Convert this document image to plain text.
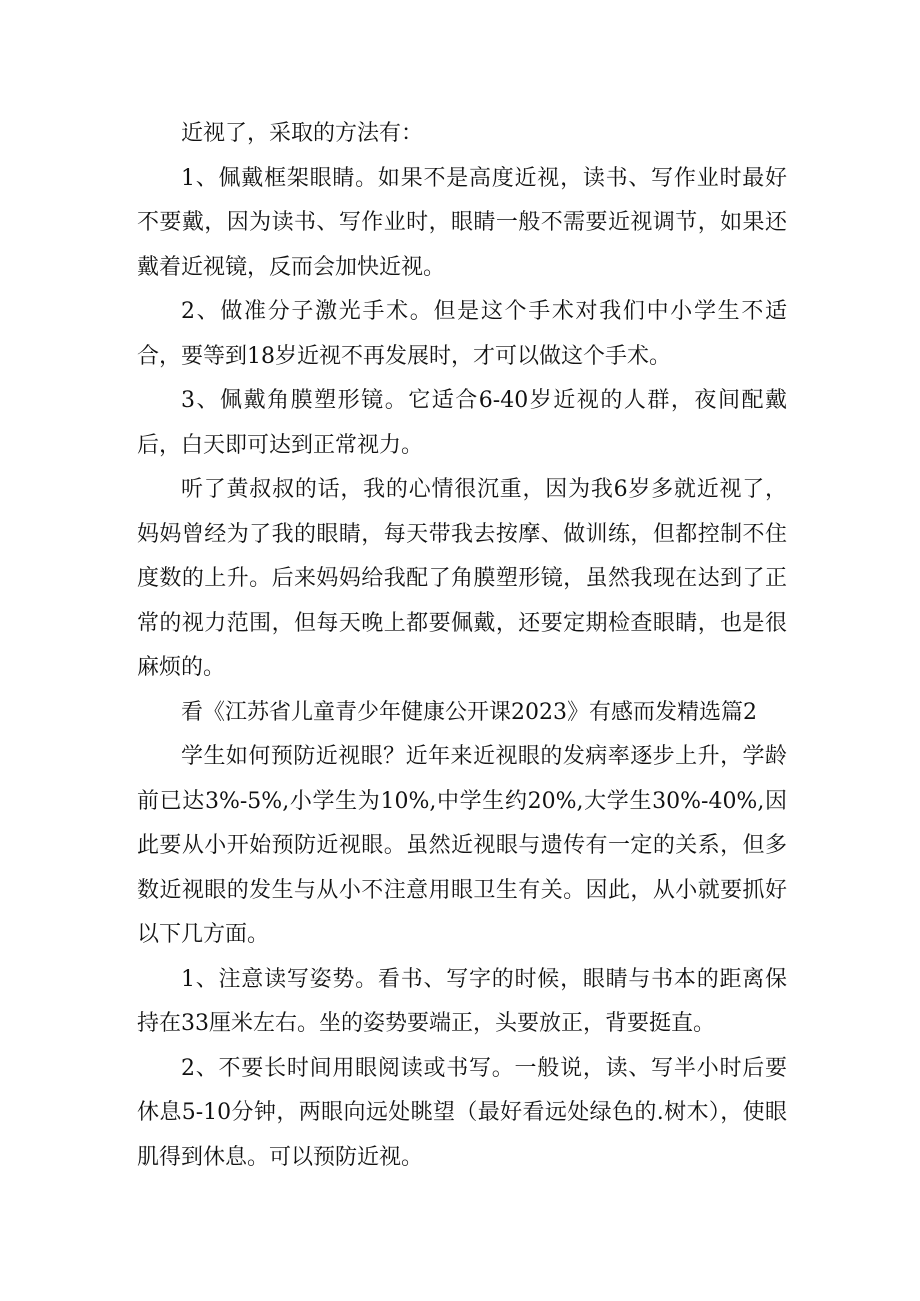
近视了，采取的方法有：

1、佩戴框架眼睛。如果不是高度近视，读书、写作业时最好不要戴，因为读书、写作业时，眼睛一般不需要近视调节，如果还戴着近视镜，反而会加快近视。

2、做准分子激光手术。但是这个手术对我们中小学生不适合，要等到18岁近视不再发展时，才可以做这个手术。

3、佩戴角膜塑形镜。它适合6-40岁近视的人群，夜间配戴后，白天即可达到正常视力。

听了黄叔叔的话，我的心情很沉重，因为我6岁多就近视了，妈妈曾经为了我的眼睛，每天带我去按摩、做训练，但都控制不住度数的上升。后来妈妈给我配了角膜塑形镜，虽然我现在达到了正常的视力范围，但每天晚上都要佩戴，还要定期检查眼睛，也是很麻烦的。

看《江苏省儿童青少年健康公开课2023》有感而发精选篇2

学生如何预防近视眼？近年来近视眼的发病率逐步上升，学龄前已达3%-5%,小学生为10%,中学生约20%,大学生30%-40%,因此要从小开始预防近视眼。虽然近视眼与遗传有一定的关系，但多数近视眼的发生与从小不注意用眼卫生有关。因此，从小就要抓好以下几方面。

1、注意读写姿势。看书、写字的时候，眼睛与书本的距离保持在33厘米左右。坐的姿势要端正，头要放正，背要挺直。

2、不要长时间用眼阅读或书写。一般说，读、写半小时后要休息5-10分钟，两眼向远处眺望（最好看远处绿色的.树木），使眼肌得到休息。可以预防近视。
